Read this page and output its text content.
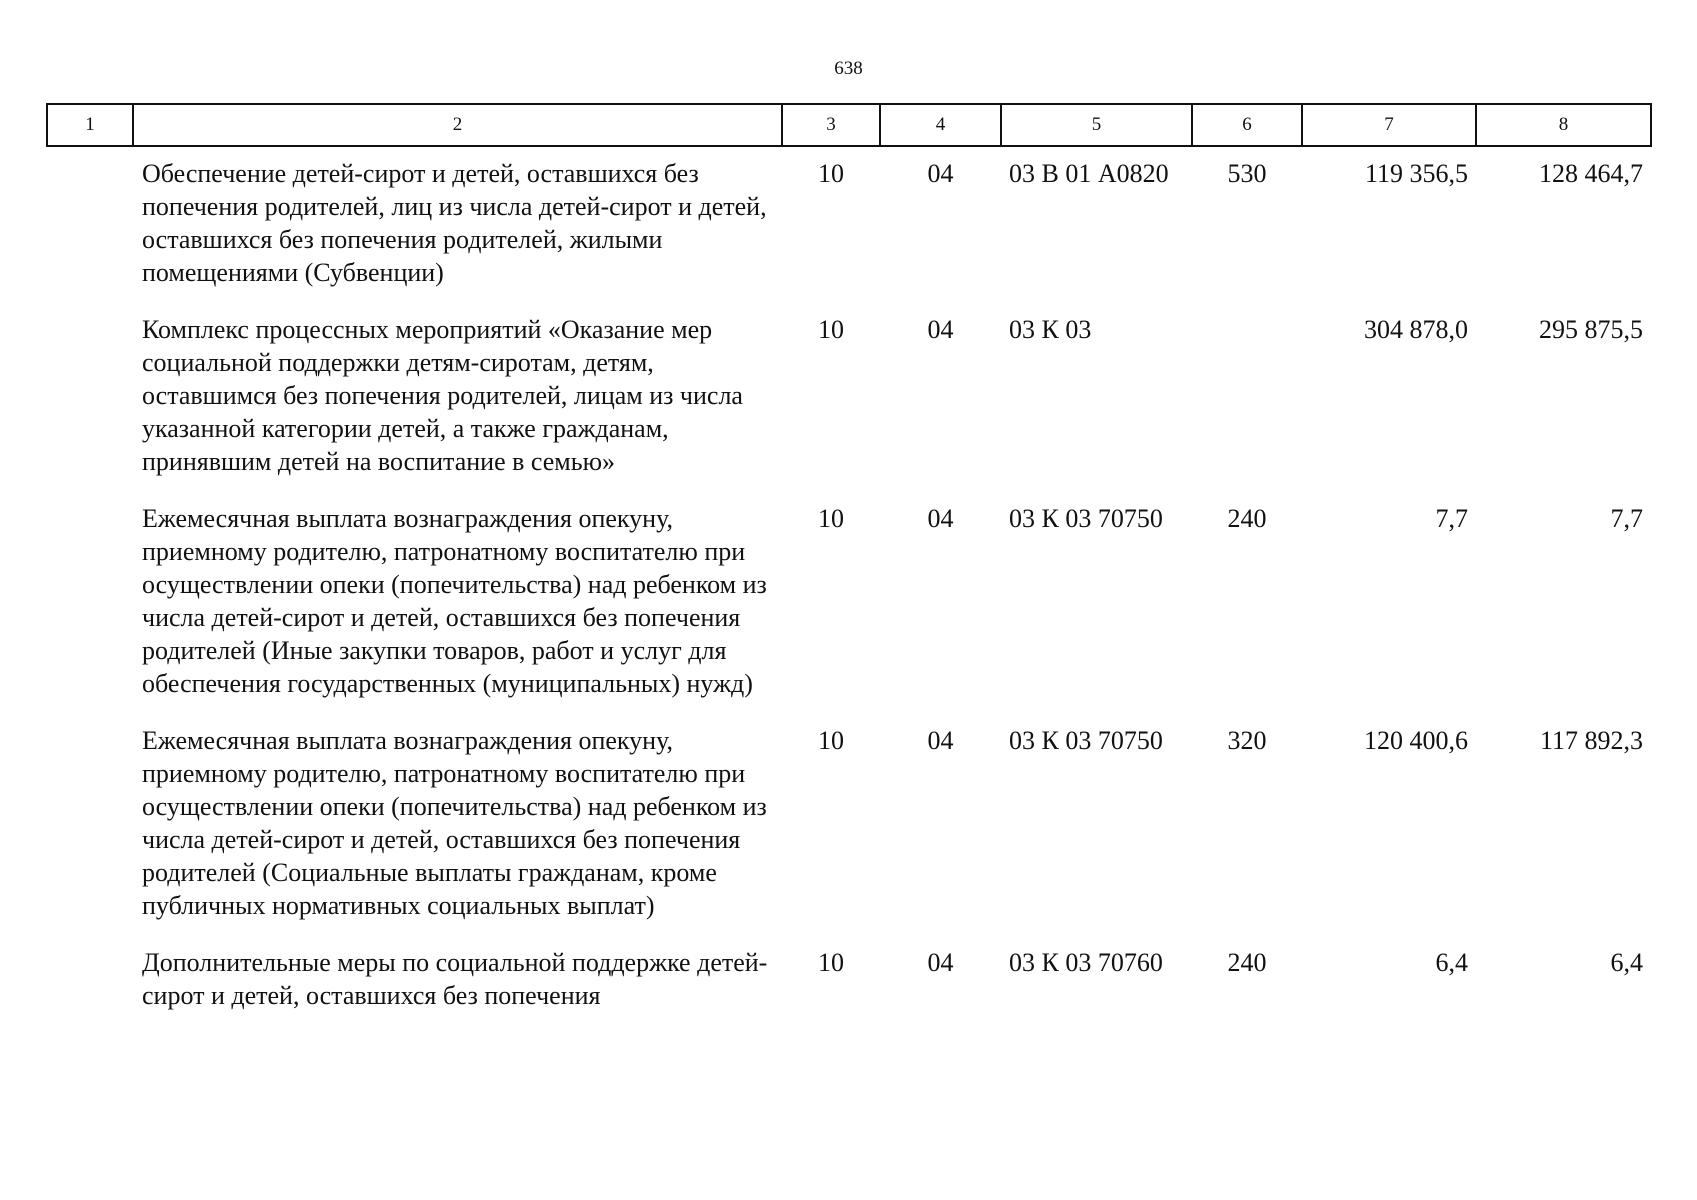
638
1	2	3	4	5	6	7	8
	Обеспечение детей-сирот и детей, оставшихся без попечения родителей, лиц из числа детей-сирот и детей, оставшихся без попечения родителей, жилыми помещениями (Субвенции)	10	04	03 В 01 А0820	530	119 356,5	128 464,7
	Комплекс процессных мероприятий «Оказание мер социальной поддержки детям-сиротам, детям, оставшимся без попечения родителей, лицам из числа указанной категории детей, а также гражданам, принявшим детей на воспитание в семью»	10	04	03 К 03		304 878,0	295 875,5
	Ежемесячная выплата вознаграждения опекуну, приемному родителю, патронатному воспитателю при осуществлении опеки (попечительства) над ребенком из числа детей-сирот и детей, оставшихся без попечения родителей (Иные закупки товаров, работ и услуг для обеспечения государственных (муниципальных) нужд)	10	04	03 К 03 70750	240	7,7	7,7
	Ежемесячная выплата вознаграждения опекуну, приемному родителю, патронатному воспитателю при осуществлении опеки (попечительства) над ребенком из числа детей-сирот и детей, оставшихся без попечения родителей (Социальные выплаты гражданам, кроме публичных нормативных социальных выплат)	10	04	03 К 03 70750	320	120 400,6	117 892,3
	Дополнительные меры по социальной поддержке детей-сирот и детей, оставшихся без попечения	10	04	03 К 03 70760	240	6,4	6,4
